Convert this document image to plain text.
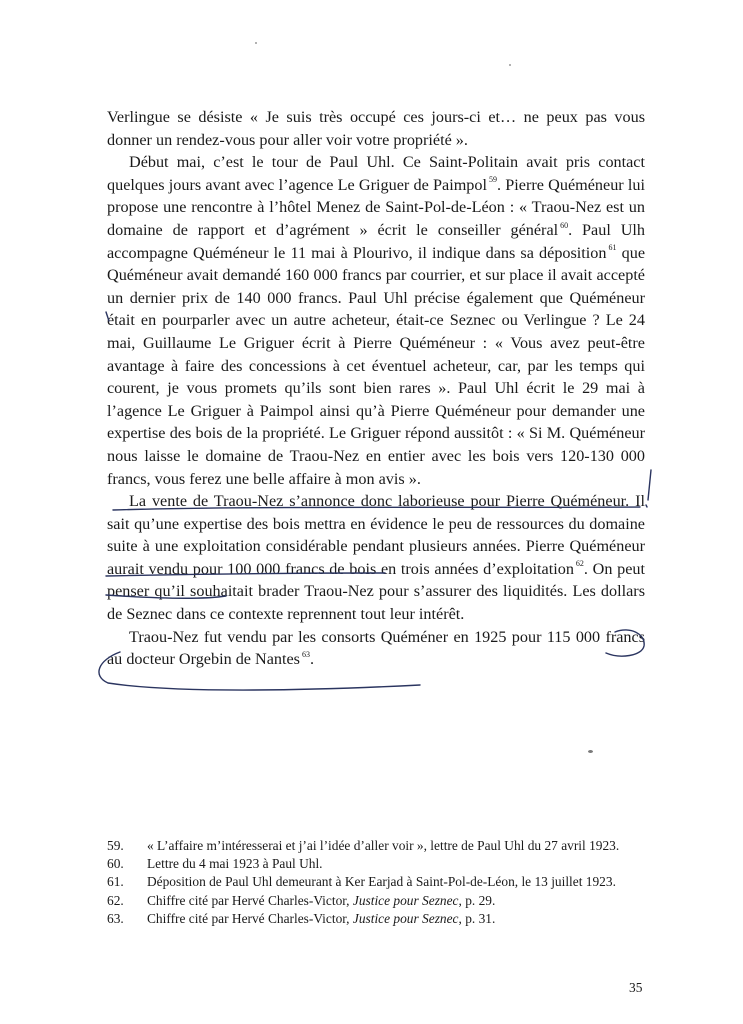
Verlingue se désiste « Je suis très occupé ces jours-ci et… ne peux pas vous donner un rendez-vous pour aller voir votre propriété ».

Début mai, c’est le tour de Paul Uhl. Ce Saint-Politain avait pris contact quelques jours avant avec l’agence Le Griguer de Paimpol $^{59}$. Pierre Quéméneur lui propose une rencontre à l’hôtel Menez de Saint-Pol-de-Léon : « Traou-Nez est un domaine de rapport et d’agrément » écrit le conseiller général $^{60}$. Paul Ulh accompagne Quéméneur le 11 mai à Plourivo, il indique dans sa déposition $^{61}$ que Quéméneur avait demandé 160 000 francs par courrier, et sur place il avait accepté un dernier prix de 140 000 francs. Paul Uhl précise également que Quéméneur était en pourparler avec un autre acheteur, était-ce Seznec ou Verlingue ? Le 24 mai, Guillaume Le Griguer écrit à Pierre Quéméneur : « Vous avez peut-être avantage à faire des concessions à cet éventuel acheteur, car, par les temps qui courent, je vous promets qu’ils sont bien rares ». Paul Uhl écrit le 29 mai à l’agence Le Griguer à Paimpol ainsi qu’à Pierre Quéméneur pour demander une expertise des bois de la propriété. Le Griguer répond aussitôt : « Si M. Quéméneur nous laisse le domaine de Traou-Nez en entier avec les bois vers 120-130 000 francs, vous ferez une belle affaire à mon avis ».

La vente de Traou-Nez s’annonce donc laborieuse pour Pierre Quéméneur. Il sait qu’une expertise des bois mettra en évidence le peu de ressources du domaine suite à une exploitation considérable pendant plusieurs années. Pierre Quéméneur aurait vendu pour 100 000 francs de bois en trois années d’exploitation $^{62}$. On peut penser qu’il souhaitait brader Traou-Nez pour s’assurer des liquidités. Les dollars de Seznec dans ce contexte reprennent tout leur intérêt.

Traou-Nez fut vendu par les consorts Quéméner en 1925 pour 115 000 francs au docteur Orgebin de Nantes $^{63}$.

59.	« L’affaire m’intéresserai et j’ai l’idée d’aller voir », lettre de Paul Uhl du 27 avril 1923.
60.	Lettre du 4 mai 1923 à Paul Uhl.
61.	Déposition de Paul Uhl demeurant à Ker Earjad à Saint-Pol-de-Léon, le 13 juillet 1923.
62.	Chiffre cité par Hervé Charles-Victor, Justice pour Seznec, p. 29.
63.	Chiffre cité par Hervé Charles-Victor, Justice pour Seznec, p. 31.
35
